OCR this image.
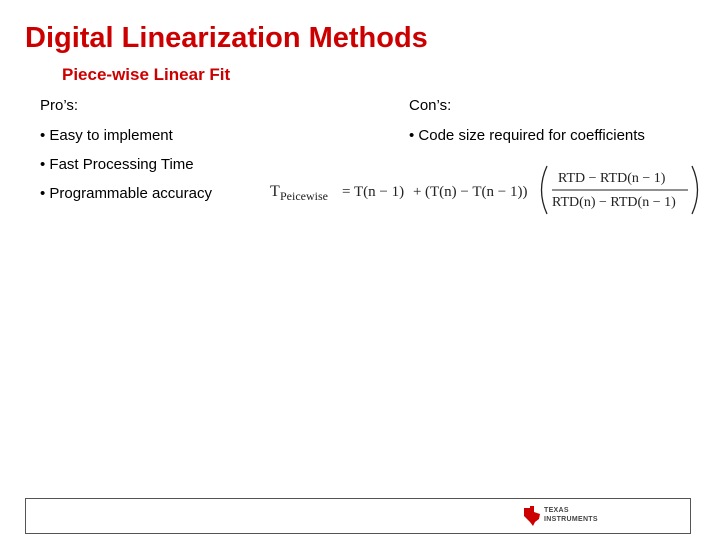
Digital Linearization Methods
Piece-wise Linear Fit
Pro’s:
• Easy to implement
• Fast Processing Time
• Programmable accuracy
Con’s:
• Code size required for coefficients
T Peicewise = T(n − 1) + (T(n) − T(n − 1))
RTD − RTD(n − 1)
RTD(n) − RTD(n − 1)
TEXAS
INSTRUMENTS
